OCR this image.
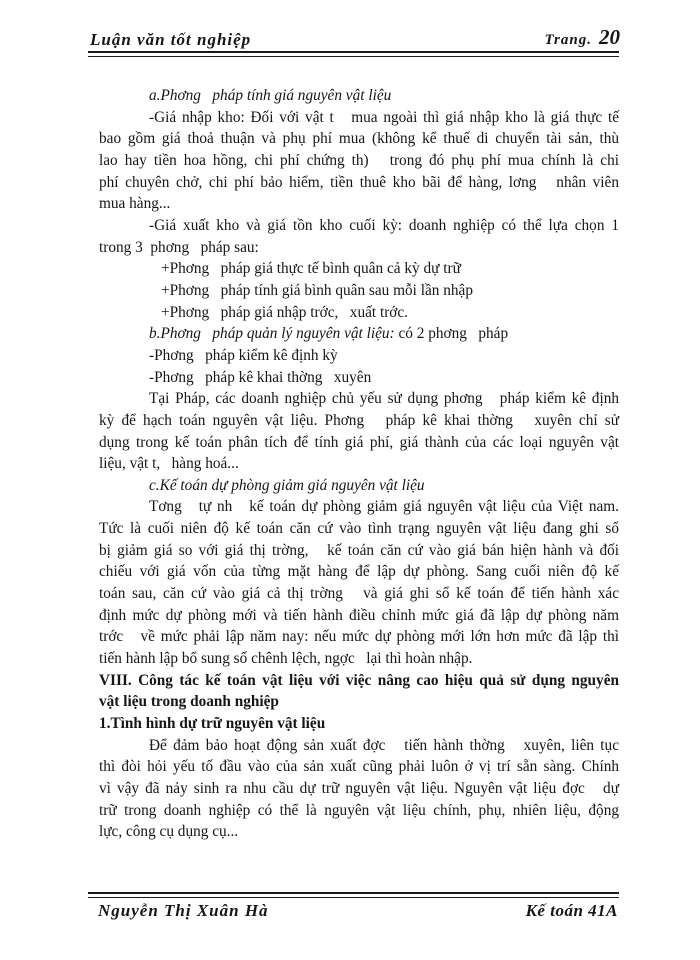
Luận văn tốt nghiệp	Trang. 20
a.Phơng   pháp tính giá nguyên vật liệu
-Giá nhập kho: Đối với vật t   mua ngoài thì giá nhập kho là giá thực tế
bao gồm giá thoả thuận và phụ phí mua (không kể thuế di chuyển tài sản, thù
lao hay tiền hoa hồng, chi phí chứng th)   trong đó phụ phí mua chính là chi
phí chuyên chở, chi phí bảo hiểm, tiền thuê kho bãi để hàng, lơng   nhân viên
mua hàng...
-Giá xuất kho và giá tồn kho cuối kỳ: doanh nghiệp có thể lựa chọn 1
trong 3  phơng   pháp sau:
+Phơng   pháp giá thực tế bình quân cả kỳ dự trữ
+Phơng   pháp tính giá bình quân sau mỗi lần nhập
+Phơng   pháp giá nhập trớc,   xuất trớc.
b.Phơng   pháp quản lý nguyên vật liệu: có 2 phơng   pháp
-Phơng   pháp kiểm kê định kỳ
-Phơng   pháp kê khai thờng   xuyên
Tại Pháp, các doanh nghiệp chủ yếu sử dụng phơng   pháp kiểm kê định
kỳ để hạch toán nguyên vật liệu. Phơng   pháp kê khai thờng   xuyên chỉ sử
dụng trong kế toán phân tích để tính giá phí, giá thành của các loại nguyên vật
liệu, vật t,   hàng hoá...
c.Kế toán dự phòng giảm giá nguyên vật liệu
Tơng   tự nh   kế toán dự phòng giảm giá nguyên vật liệu của Việt nam.
Tức là cuối niên độ kế toán căn cứ vào tình trạng nguyên vật liệu đang ghi sổ
bị giảm giá so với giá thị trờng,   kế toán căn cứ vào giá bán hiện hành và đối
chiếu với giá vốn của từng mặt hàng để lập dự phòng. Sang cuối niên độ kế
toán sau, căn cứ vào giá cả thị trờng   và giá ghi sổ kế toán để tiến hành xác
định mức dự phòng mới và tiến hành điều chỉnh mức giá đã lập dự phòng năm
trớc   về mức phải lập năm nay: nếu mức dự phòng mới lớn hơn mức đã lập thì
tiến hành lập bổ sung số chênh lệch, ngợc   lại thì hoàn nhập.
VIII. Công tác kế toán vật liệu với việc nâng cao hiệu quả sử dụng nguyên
vật liệu trong doanh nghiệp
1.Tình hình dự trữ nguyên vật liệu
Để đảm bảo hoạt động sản xuất đợc   tiến hành thờng   xuyên, liên tục
thì đòi hỏi yếu tố đầu vào của sản xuất cũng phải luôn ở vị trí sẵn sàng. Chính
vì vậy đã nảy sinh ra nhu cầu dự trữ nguyên vật liệu. Nguyên vật liệu đợc   dự
trữ trong doanh nghiệp có thể là nguyên vật liệu chính, phụ, nhiên liệu, động
lực, công cụ dụng cụ...
Nguyễn Thị Xuân Hà	Kế toán 41A
